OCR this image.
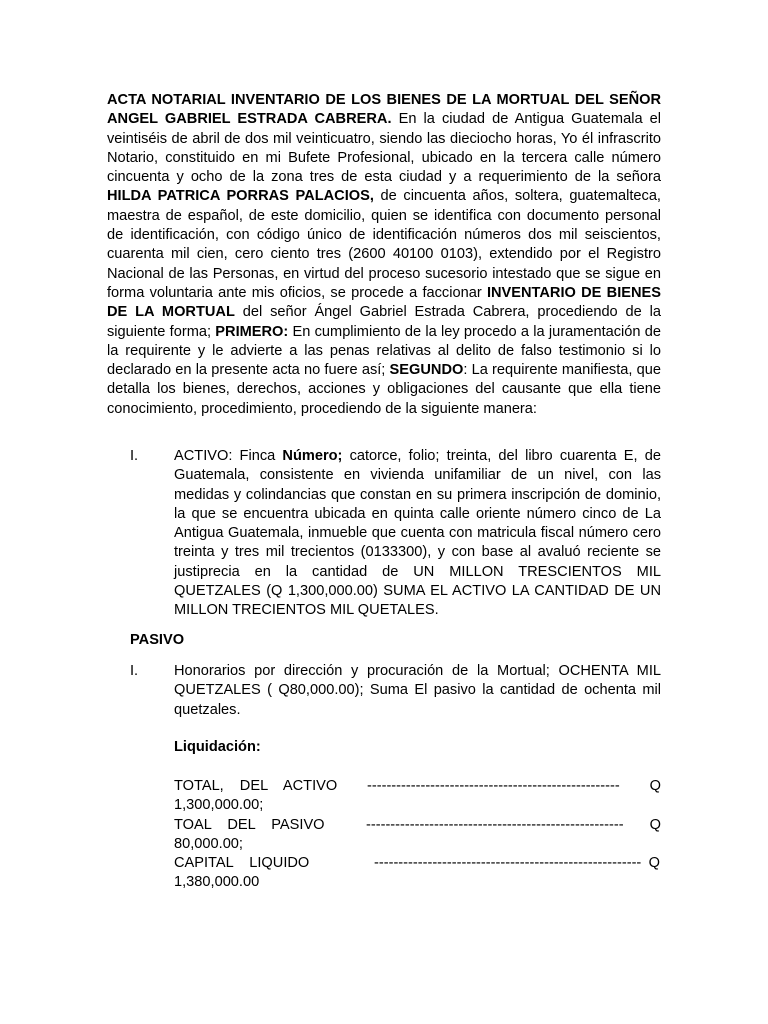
ACTA NOTARIAL INVENTARIO DE LOS BIENES DE LA MORTUAL DEL SEÑOR ANGEL GABRIEL ESTRADA CABRERA. En la ciudad de Antigua Guatemala el veintiséis de abril de dos mil veinticuatro, siendo las dieciocho horas, Yo él infrascrito Notario, constituido en mi Bufete Profesional, ubicado en la tercera calle número cincuenta y ocho de la zona tres de esta ciudad y a requerimiento de la señora HILDA PATRICA PORRAS PALACIOS, de cincuenta años, soltera, guatemalteca, maestra de español, de este domicilio, quien se identifica con documento personal de identificación, con código único de identificación números dos mil seiscientos, cuarenta mil cien, cero ciento tres (2600 40100 0103), extendido por el Registro Nacional de las Personas, en virtud del proceso sucesorio intestado que se sigue en forma voluntaria ante mis oficios, se procede a faccionar INVENTARIO DE BIENES DE LA MORTUAL del señor Ángel Gabriel Estrada Cabrera, procediendo de la siguiente forma; PRIMERO: En cumplimiento de la ley procedo a la juramentación de la requirente y le advierte a las penas relativas al delito de falso testimonio si lo declarado en la presente acta no fuere así; SEGUNDO: La requirente manifiesta, que detalla los bienes, derechos, acciones y obligaciones del causante que ella tiene conocimiento, procedimiento, procediendo de la siguiente manera:

I. ACTIVO: Finca Número; catorce, folio; treinta, del libro cuarenta E, de Guatemala, consistente en vivienda unifamiliar de un nivel, con las medidas y colindancias que constan en su primera inscripción de dominio, la que se encuentra ubicada en quinta calle oriente número cinco de La Antigua Guatemala, inmueble que cuenta con matricula fiscal número cero treinta y tres mil trecientos (0133300), y con base al avaluó reciente se justiprecia en la cantidad de UN MILLON TRESCIENTOS MIL QUETZALES (Q 1,300,000.00) SUMA EL ACTIVO LA CANTIDAD DE UN MILLON TRECIENTOS MIL QUETALES.
PASIVO
I. Honorarios por dirección y procuración de la Mortual; OCHENTA MIL QUETZALES ( Q80,000.00); Suma El pasivo la cantidad de ochenta mil quetzales.
Liquidación:
TOTAL, DEL ACTIVO ----------------------------------------------------	Q
1,300,000.00;
TOAL DEL PASIVO	-----------------------------------------------------	Q
80,000.00;
CAPITAL LIQUIDO	------------------------------------------------------- Q
1,380,000.00
